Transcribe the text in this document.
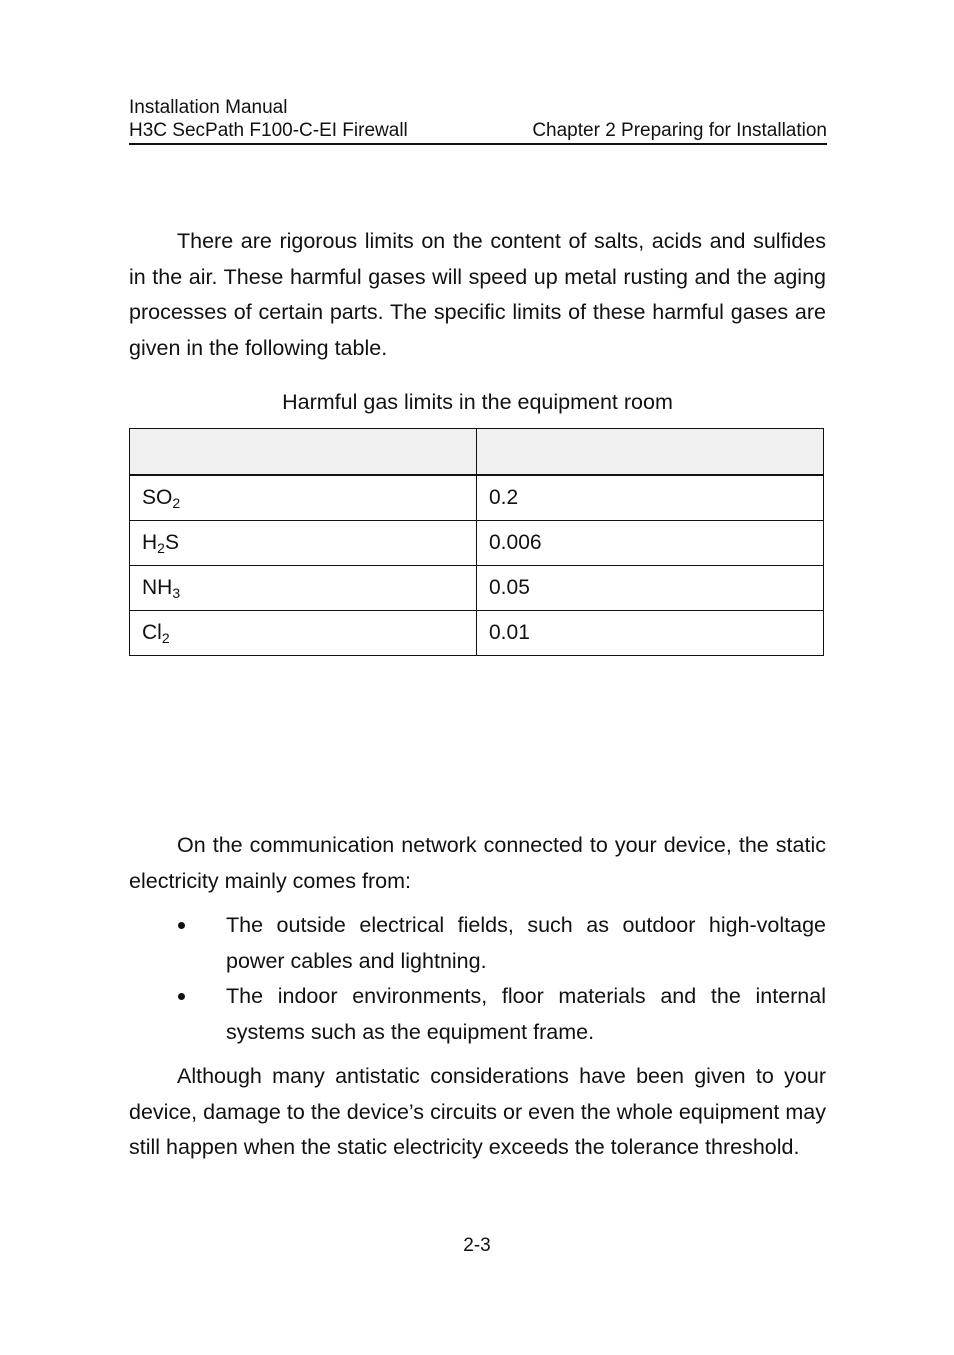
Installation Manual
H3C SecPath F100-C-EI Firewall	Chapter 2 Preparing for Installation

There are rigorous limits on the content of salts, acids and sulfides in the air. These harmful gases will speed up metal rusting and the aging processes of certain parts. The specific limits of these harmful gases are given in the following table.

Harmful gas limits in the equipment room

$SO_2$	0.2
$H_2S$	0.006
$NH_3$	0.05
$Cl_2$	0.01

On the communication network connected to your device, the static electricity mainly comes from:

The outside electrical fields, such as outdoor high-voltage power cables and lightning.
The indoor environments, floor materials and the internal systems such as the equipment frame.

Although many antistatic considerations have been given to your device, damage to the device’s circuits or even the whole equipment may still happen when the static electricity exceeds the tolerance threshold.

2-3
